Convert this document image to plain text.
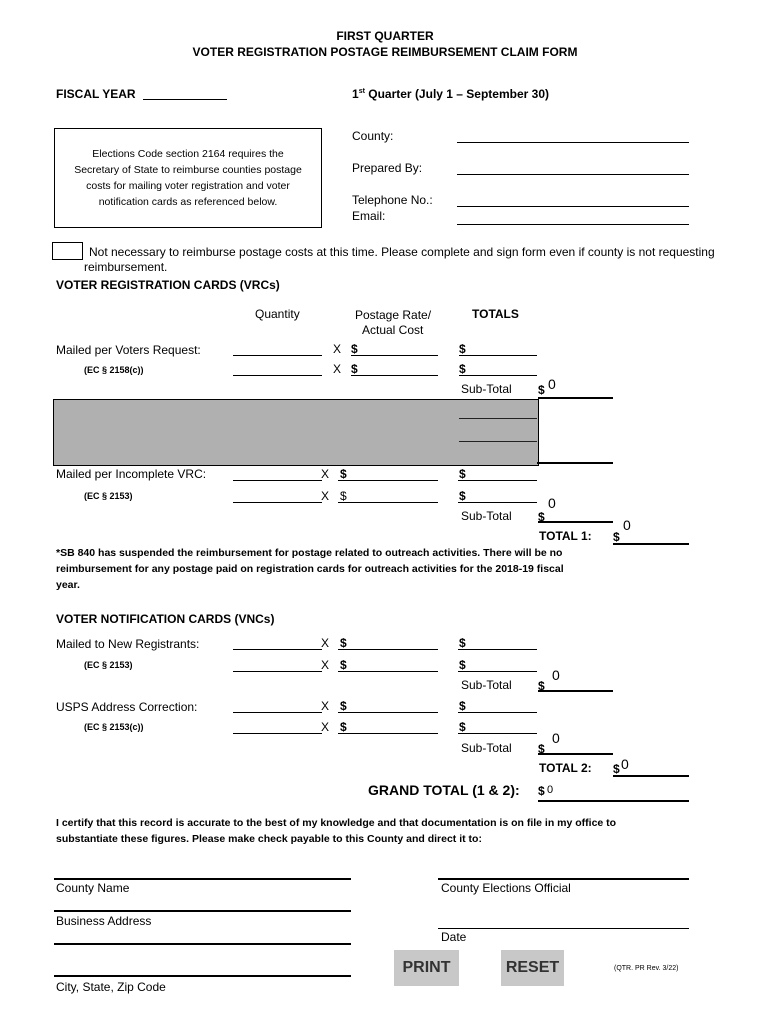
FIRST QUARTER
VOTER REGISTRATION POSTAGE REIMBURSEMENT CLAIM FORM
FISCAL YEAR	1st Quarter (July 1 – September 30)
Elections Code section 2164 requires the
Secretary of State to reimburse counties postage
costs for mailing voter registration and voter
notification cards as referenced below.
County:
Prepared By:
Telephone No.:
Email:
Not necessary to reimburse postage costs at this time. Please complete and sign form even if county is not requesting
reimbursement.
VOTER REGISTRATION CARDS (VRCs)
Quantity	Postage Rate/
Actual Cost
TOTALS
Mailed per Voters Request:	X $	$
(EC § 2158(c))	X $	$
Sub-Total $ 0
Mailed per Incomplete VRC:	X $	$
(EC § 2153)	X $	$
Sub-Total $
0
TOTAL 1: $
0
*SB 840 has suspended the reimbursement for postage related to outreach activities. There will be no
reimbursement for any postage paid on registration cards for outreach activities for the 2018-19 fiscal
year.
VOTER NOTIFICATION CARDS (VNCs)
Mailed to New Registrants:	X $	$
(EC § 2153)	X $	$
Sub-Total $
0
USPS Address Correction:	X $	$
(EC § 2153(c))	X $	$
Sub-Total $
0
TOTAL 2: $ 0
GRAND TOTAL (1 & 2): $ 0
I certify that this record is accurate to the best of my knowledge and that documentation is on file in my office to
substantiate these figures. Please make check payable to this County and direct it to:
County Name
Business Address
City, State, Zip Code
County Elections Official
Date
PRINT	RESET	(QTR. PR Rev. 3/22)
